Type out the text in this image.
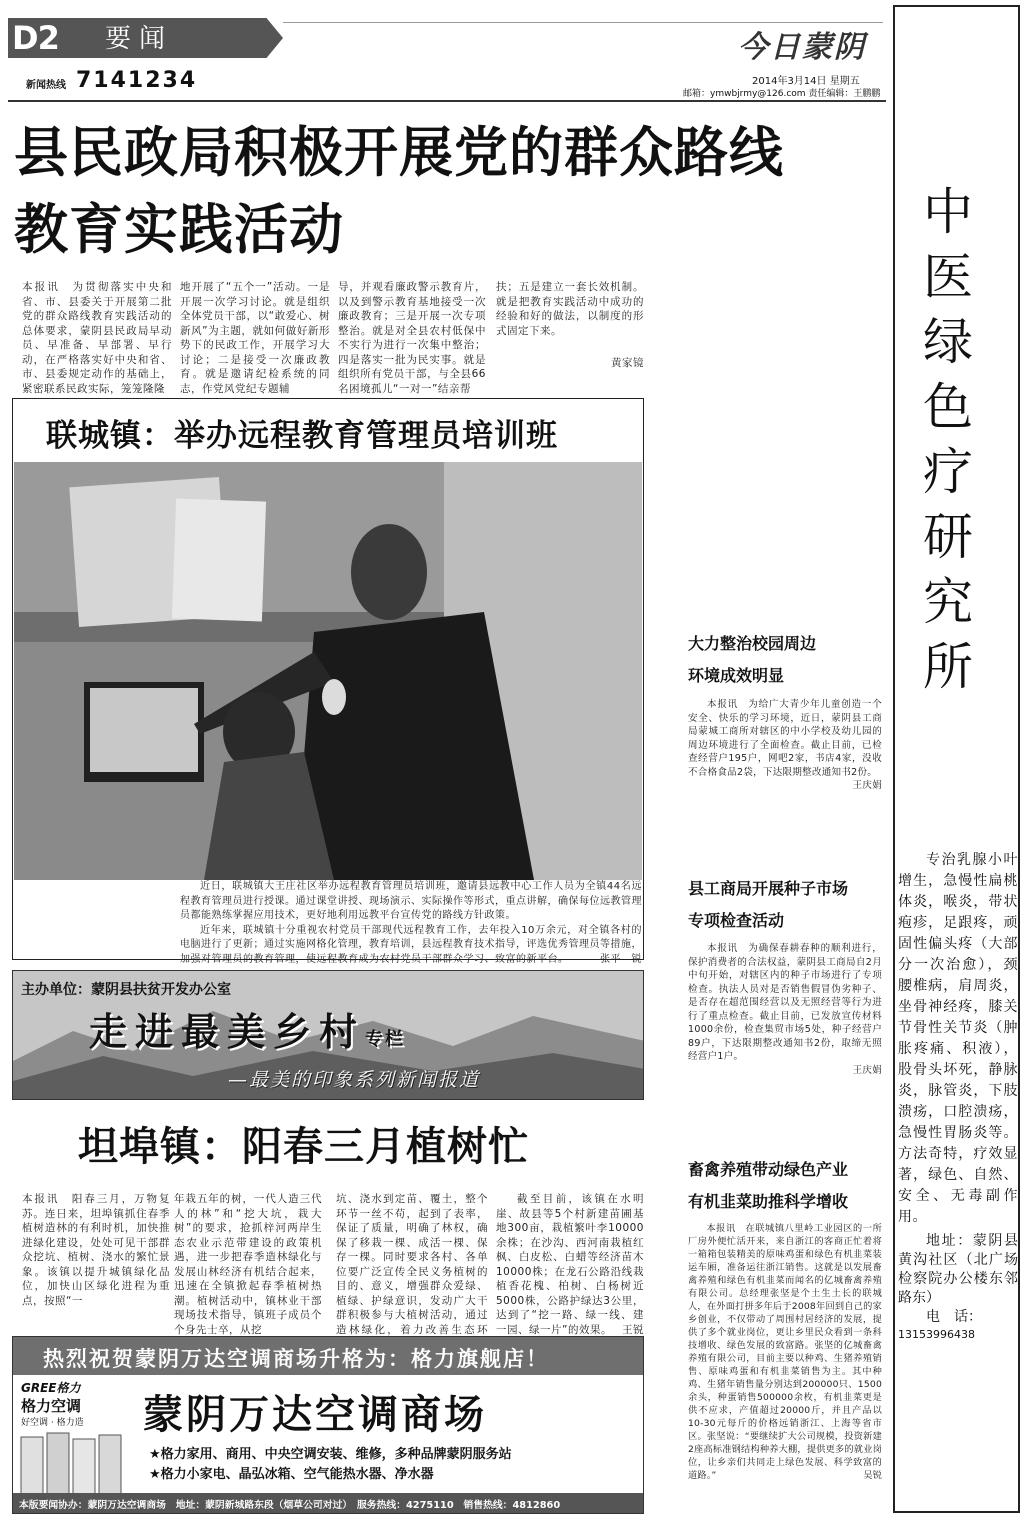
D2 要闻	今日蒙阴
新闻热线 7141234	2014年3月14日 星期五
邮箱：ymwbjrmy@126.com 责任编辑：王鹏鹏
县民政局积极开展党的群众路线
教育实践活动
本报讯　为贯彻落实中央和省、市、县委关于开展第二批党的群众路线教育实践活动的总体要求，蒙阴县民政局早动员、早准备、早部署、早行动，在严格落实好中央和省、市、县委规定动作的基础上，紧密联系民政实际，笼笼隆隆
地开展了“五个一”活动。一是开展一次学习讨论。就是组织全体党员干部，以“敢爱心、树新风”为主题，就如何做好新形势下的民政工作，开展学习大讨论；二是接受一次廉政教育。就是邀请纪检系统的同志，作党风党纪专题辅
导，并观看廉政警示教育片，以及到警示教育基地接受一次廉政教育；三是开展一次专项整治。就是对全县农村低保中不实行为进行一次集中整治；四是落实一批为民实事。就是组织所有党员干部，与全县66名困境孤儿“一对一”结亲帮
扶；五是建立一套长效机制。就是把教育实践活动中成功的经验和好的做法，以制度的形式固定下来。
黄家镜
联城镇：举办远程教育管理员培训班
近日，联城镇大王庄社区举办远程教育管理员培训班，邀请县远教中心工作人员为全镇44名远程教育管理员进行授课。通过课堂讲授、现场演示、实际操作等形式，重点讲解，确保每位远教管理员都能熟练掌握应用技术，更好地利用远教平台宣传党的路线方针政策。
近年来，联城镇十分重视农村党员干部现代远程教育工作，去年投入10万余元，对全镇各村的电脑进行了更新；通过实施网格化管理，教育培训，县远程教育技术指导，评选优秀管理员等措施，加强对管理员的教育管理，使远程教育成为农村党员干部群众学习、致富的新平台。	张平　锐
大力整治校园周边
环境成效明显
本报讯　为给广大青少年儿童创造一个安全、快乐的学习环境，近日，蒙阴县工商局蒙城工商所对辖区的中小学校及幼儿园的周边环境进行了全面检查。截止目前，已检查经营户195户，网吧2家，书店4家，没收不合格食品2袋，下达限期整改通知书2份。
王庆娟
县工商局开展种子市场
专项检查活动
本报讯　为确保春耕春种的顺利进行，保护消费者的合法权益，蒙阴县工商局自2月中旬开始，对辖区内的种子市场进行了专项检查。执法人员对是否销售假冒伪劣种子、是否存在超范围经营以及无照经营等行为进行了重点检查。截止目前，已发放宣传材料1000余份，检查集贸市场5处，种子经营户89户，下达限期整改通知书2份，取缔无照经营户1户。
王庆娟
畜禽养殖带动绿色产业
有机韭菜助推科学增收
本报讯　在联城镇八里岭工业园区的一所厂房外便忙活开来，来自浙江的客商正忙着将一箱箱包装精美的原味鸡蛋和绿色有机韭菜装运车厢，准备运往浙江销售。这就是以发展畜禽养殖和绿色有机韭菜而闻名的亿城畜禽养殖有限公司。总经理张坚是个土生土长的联城人，在外面打拼多年后于2008年回到自己的家乡创业，不仅带动了周围村居经济的发展，提供了多个就业岗位，更让乡里民众看到一条科技增收、绿色发展的致富路。张坚的亿城畜禽养殖有限公司，目前主要以种鸡、生猪养殖销售、原味鸡蛋和有机韭菜销售为主。其中种鸡、生猪年销售量分别达到200000只、1500余头，种蛋销售500000余枚，有机韭菜更是供不应求，产值超过20000斤，并且产品以10-30元每斤的价格远销浙江、上海等省市区。张坚说：“要继续扩大公司规模，投资新建2座高标准钢结构种养大棚，提供更多的就业岗位，让乡亲们共同走上绿色发展、科学致富的道路。”	吴锐
中医绿色疗研究所
专治乳腺小叶增生，急慢性扁桃体炎，喉炎，带状疱疹，足跟疼，顽固性偏头疼（大部分一次治愈），颈腰椎病，肩周炎，坐骨神经疼，膝关节骨性关节炎（肿胀疼痛、积液），股骨头坏死，静脉炎，脉管炎，下肢溃疡，口腔溃疡，急慢性胃肠炎等。方法奇特，疗效显著，绿色、自然、安全、无毒副作用。
地址：蒙阴县黄沟社区（北广场检察院办公楼东邻路东）
电　话：
13153996438
主办单位：蒙阴县扶贫开发办公室
走进最美乡村专栏
—最美的印象系列新闻报道
坦埠镇：阳春三月植树忙
本报讯　阳春三月，万物复苏。连日来，坦埠镇抓住春季植树造林的有利时机，加快推进绿化建设，处处可见干部群众挖坑、植树、浇水的繁忙景象。该镇以提升城镇绿化品位，加快山区绿化进程为重点，按照“一
年栽五年的树，一代人造三代人的林”和“挖大坑，栽大树”的要求，抢抓梓河两岸生态农业示范带建设的政策机遇，进一步把春季造林绿化与发展山林经济有机结合起来，迅速在全镇掀起春季植树热潮。植树活动中，镇林业干部现场技术指导，镇班子成员个个身先士卒，从挖
坑、浇水到定苗、覆土，整个环节一丝不苟，起到了表率，保证了质量，明确了林权，确保了移栽一棵、成活一棵、保存一棵。同时要求各村、各单位要广泛宣传全民义务植树的目的、意义，增强群众爱绿、植绿、护绿意识，发动广大干群积极参与大植树活动，通过造林绿化，着力改善生态环
截至目前，该镇在水明崖、故县等5个村新建苗圃基地300亩，栽植繁叶李10000余株；在沙沟、西河南栽植红枫、白皮松、白蜡等经济苗木10000株；在龙石公路沿线栽植香花槐、柏树、白杨树近5000株，公路护绿达3公里，达到了“挖一路、绿一线、建一园、绿一片”的效果。 王锐
热烈祝贺蒙阴万达空调商场升格为：格力旗舰店！
GREE格力
格力空调
好空调 · 格力造 蒙阴万达空调商场
★格力家用、商用、中央空调安装、维修，多种品牌蒙阴服务站
★格力小家电、晶弘冰箱、空气能热水器、净水器
本版要闻协办：蒙阴万达空调商场　地址：蒙阴新城路东段（烟草公司对过）　服务热线：4275110　销售热线：4812860
